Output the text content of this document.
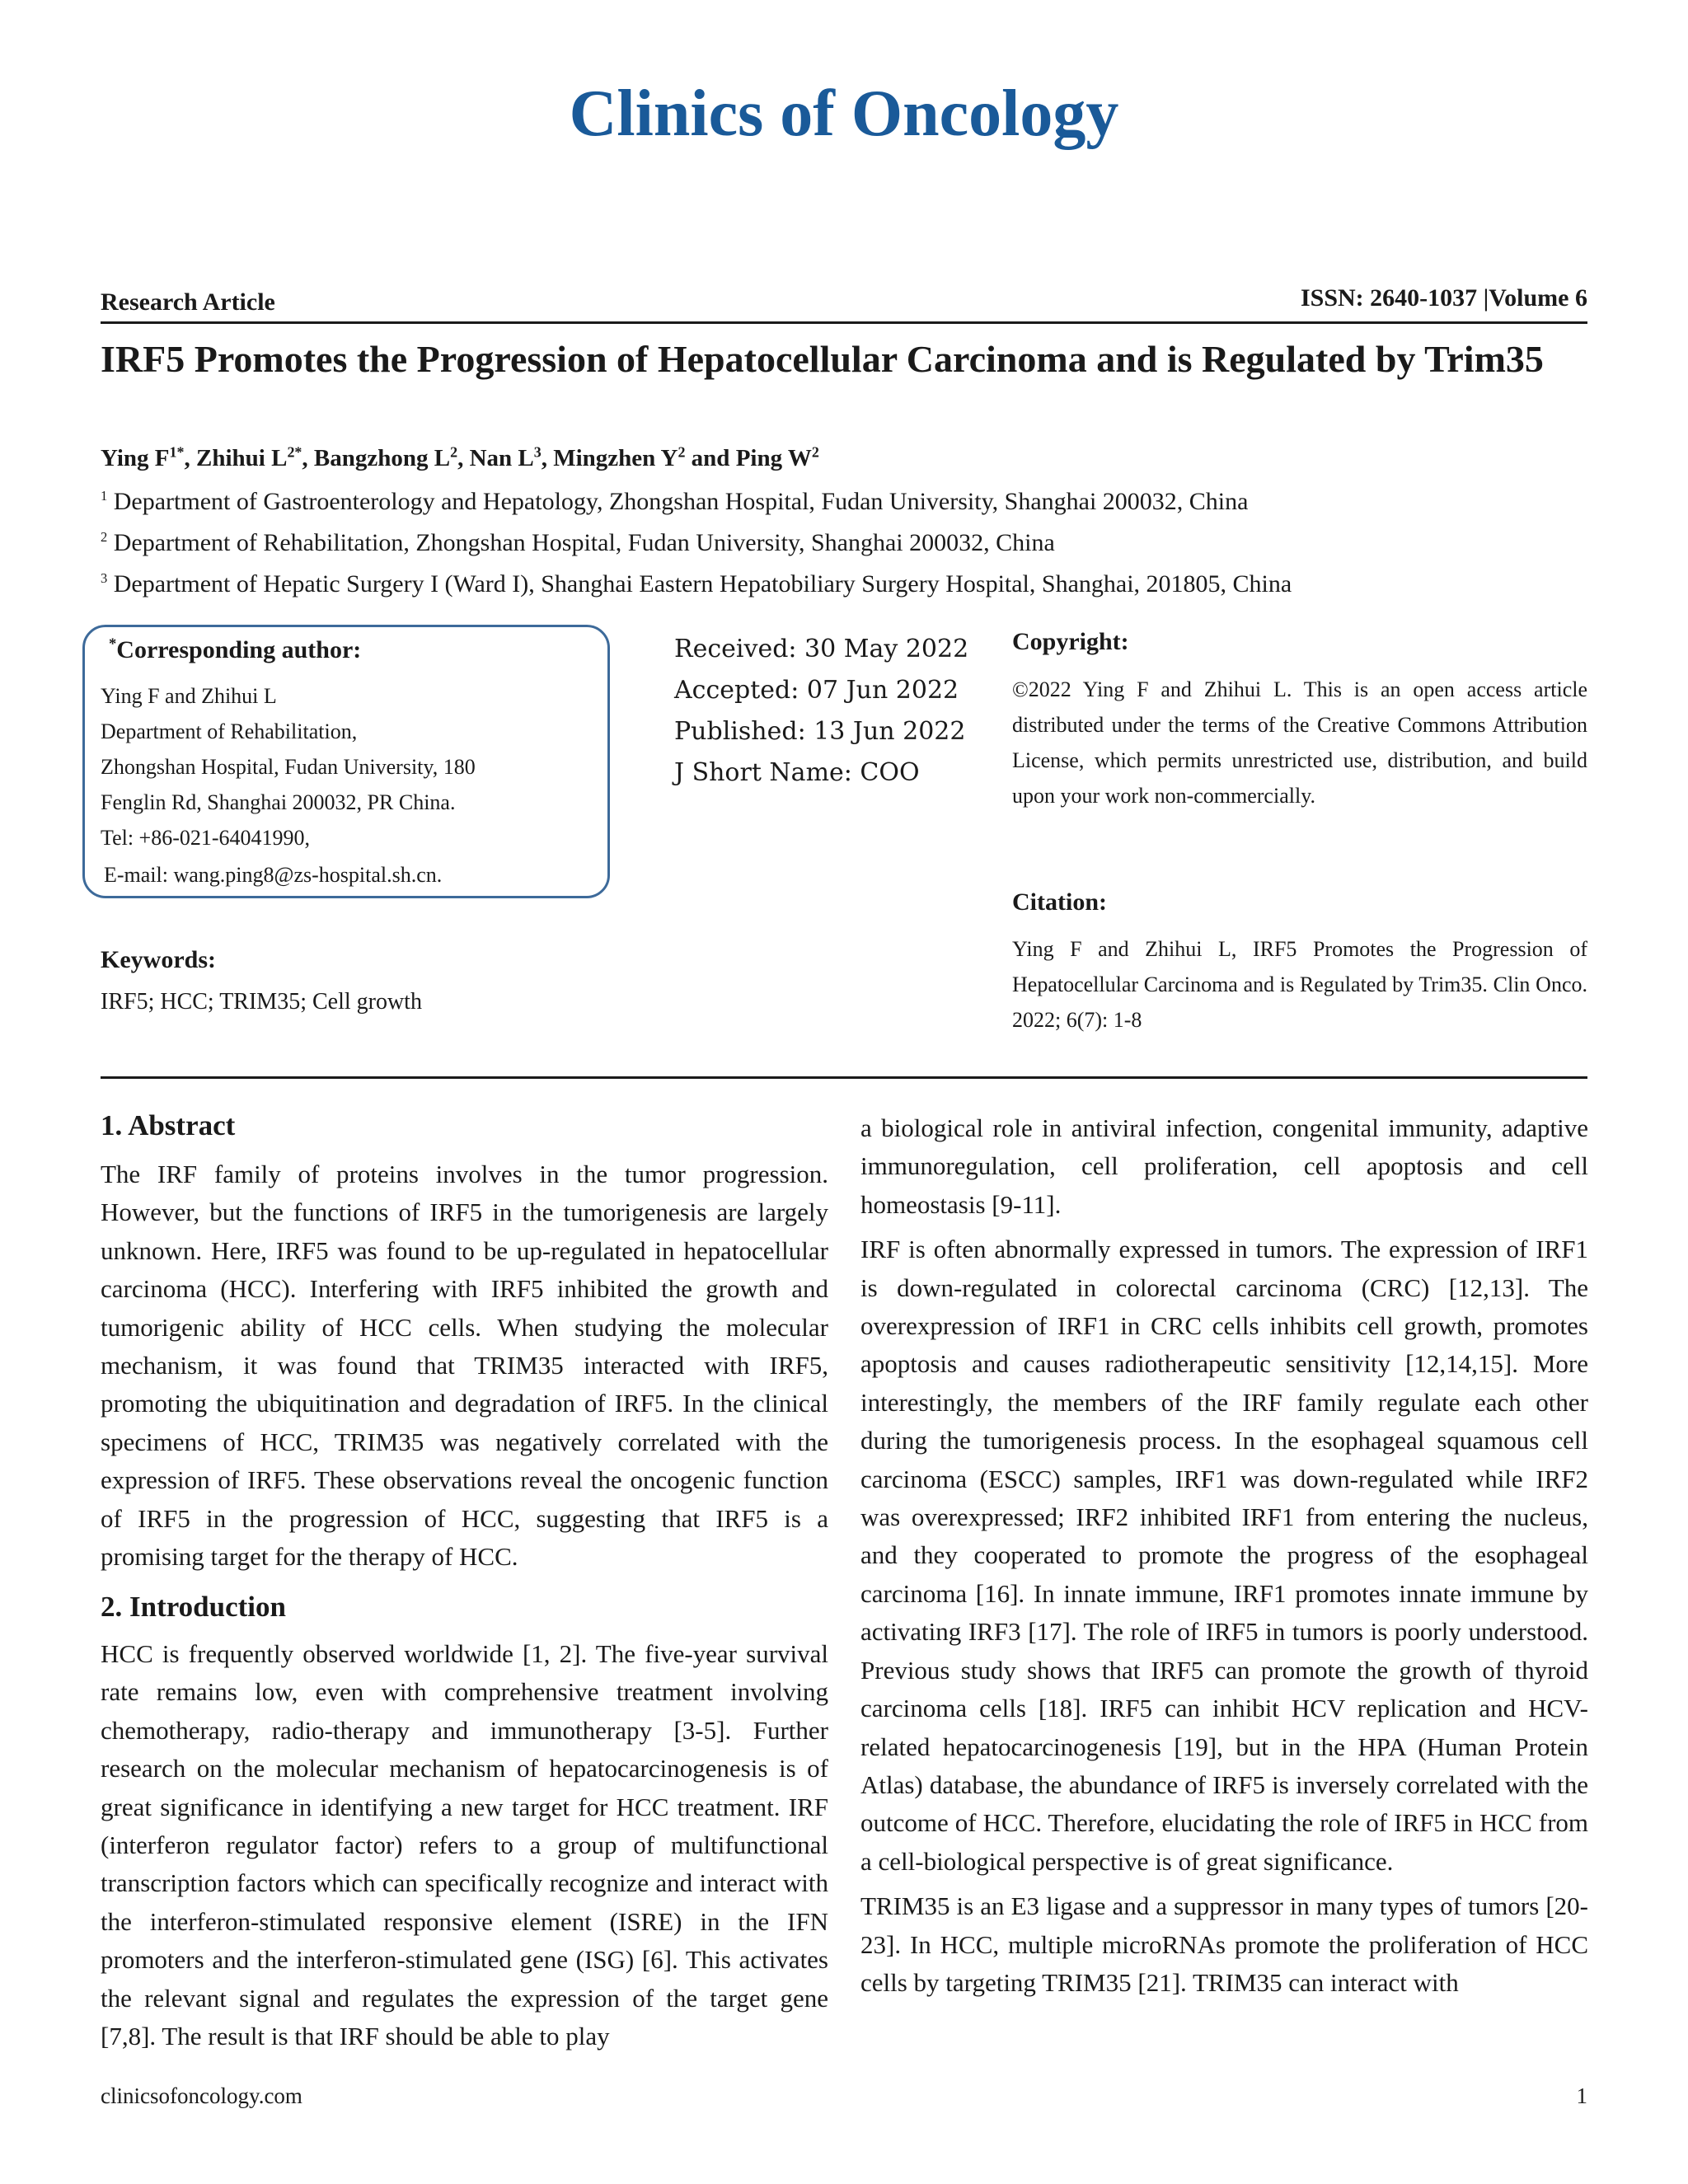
Clinics of Oncology
Research Article	ISSN: 2640-1037 |Volume 6
IRF5 Promotes the Progression of Hepatocellular Carcinoma and is Regulated by Trim35
Ying $F^{1*}$, Zhihui $L^{2*}$, Bangzhong $L^2$, Nan $L^3$, Mingzhen $Y^2$ and Ping $W^2$
$^1$ Department of Gastroenterology and Hepatology, Zhongshan Hospital, Fudan University, Shanghai 200032, China
$^2$ Department of Rehabilitation, Zhongshan Hospital, Fudan University, Shanghai 200032, China
$^3$ Department of Hepatic Surgery I (Ward I), Shanghai Eastern Hepatobiliary Surgery Hospital, Shanghai, 201805, China
*Corresponding author:
Ying F and Zhihui L
Department of Rehabilitation,
Zhongshan Hospital, Fudan University, 180
Fenglin Rd, Shanghai 200032, PR China.
Tel: +86-021-64041990,
E-mail: wang.ping8@zs-hospital.sh.cn.
Received: 30 May 2022
Accepted: 07 Jun 2022
Published: 13 Jun 2022
J Short Name: COO
Copyright:
©2022 Ying F and Zhihui L. This is an open access article distributed under the terms of the Creative Commons Attribution License, which permits unrestricted use, distribution, and build upon your work non-commercially.
Keywords:
IRF5; HCC; TRIM35; Cell growth
Citation:
Ying F and Zhihui L, IRF5 Promotes the Progression of Hepatocellular Carcinoma and is Regulated by Trim35. Clin Onco. 2022; 6(7): 1-8
1. Abstract
The IRF family of proteins involves in the tumor progression. However, but the functions of IRF5 in the tumorigenesis are largely unknown. Here, IRF5 was found to be up-regulated in hepatocellular carcinoma (HCC). Interfering with IRF5 inhibited the growth and tumorigenic ability of HCC cells. When studying the molecular mechanism, it was found that TRIM35 interacted with IRF5, promoting the ubiquitination and degradation of IRF5. In the clinical specimens of HCC, TRIM35 was negatively correlated with the expression of IRF5. These observations reveal the oncogenic function of IRF5 in the progression of HCC, suggesting that IRF5 is a promising target for the therapy of HCC.
2. Introduction
HCC is frequently observed worldwide [1, 2]. The five-year survival rate remains low, even with comprehensive treatment involving chemotherapy, radio-therapy and immunotherapy [3-5]. Further research on the molecular mechanism of hepatocarcinogenesis is of great significance in identifying a new target for HCC treatment. IRF (interferon regulator factor) refers to a group of multifunctional transcription factors which can specifically recognize and interact with the interferon-stimulated responsive element (ISRE) in the IFN promoters and the interferon-stimulated gene (ISG) [6]. This activates the relevant signal and regulates the expression of the target gene [7,8]. The result is that IRF should be able to play

a biological role in antiviral infection, congenital immunity, adaptive immunoregulation, cell proliferation, cell apoptosis and cell homeostasis [9-11].

IRF is often abnormally expressed in tumors. The expression of IRF1 is down-regulated in colorectal carcinoma (CRC) [12,13]. The overexpression of IRF1 in CRC cells inhibits cell growth, promotes apoptosis and causes radiotherapeutic sensitivity [12,14,15]. More interestingly, the members of the IRF family regulate each other during the tumorigenesis process. In the esophageal squamous cell carcinoma (ESCC) samples, IRF1 was down-regulated while IRF2 was overexpressed; IRF2 inhibited IRF1 from entering the nucleus, and they cooperated to promote the progress of the esophageal carcinoma [16]. In innate immune, IRF1 promotes innate immune by activating IRF3 [17]. The role of IRF5 in tumors is poorly understood. Previous study shows that IRF5 can promote the growth of thyroid carcinoma cells [18]. IRF5 can inhibit HCV replication and HCV-related hepatocarcinogenesis [19], but in the HPA (Human Protein Atlas) database, the abundance of IRF5 is inversely correlated with the outcome of HCC. Therefore, elucidating the role of IRF5 in HCC from a cell-biological perspective is of great significance.

TRIM35 is an E3 ligase and a suppressor in many types of tumors [20-23]. In HCC, multiple microRNAs promote the proliferation of HCC cells by targeting TRIM35 [21]. TRIM35 can interact with

clinicsofoncology.com	1
